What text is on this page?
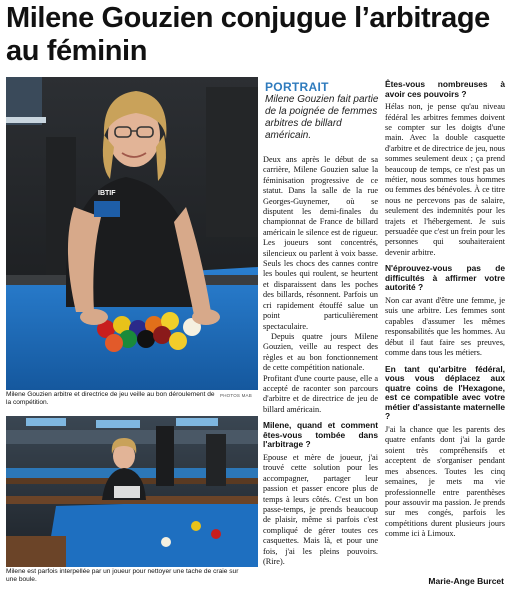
Milene Gouzien conjugue l’arbitrage au féminin
IBTIF
Milene Gouzien arbitre et directrice de jeu veille au bon déroulement de la compétition.
PHOTOS MAB
Milene est parfois interpellée par un joueur pour nettoyer une tache de craie sur une boule.
PORTRAIT
Milene Gouzien fait partie de la poignée de femmes arbitres de billard américain.

Deux ans après le début de sa carrière, Milene Gouzien salue la féminisation progressive de ce statut. Dans la salle de la rue Georges-Guynemer, où se disputent les demi-finales du championnat de France de billard américain le silence est de rigueur. Les joueurs sont concentrés, silencieux ou parlent à voix basse. Seuls les chocs des cannes contre les boules qui roulent, se heurtent et disparaissent dans les poches des billards, résonnent. Parfois un cri rapidement étouffé salue un point particulièrement spectaculaire.

Depuis quatre jours Milene Gouzien, veille au respect des règles et au bon fonctionnement de cette compétition nationale.

Profitant d'une courte pause, elle a accepté de raconter son parcours d'arbitre et de directrice de jeu de billard américain.

Milene, quand et comment êtes-vous tombée dans l'arbitrage ?

Epouse et mère de joueur, j'ai trouvé cette solution pour les accompagner, partager leur passion et passer encore plus de temps à leurs côtés. C'est un bon passe-temps, je prends beaucoup de plaisir, même si parfois c'est compliqué de gérer toutes ces casquettes. Mais là, et pour une fois, j'ai les pleins pouvoirs. (Rire).

Êtes-vous nombreuses à avoir ces pouvoirs ?

Hélas non, je pense qu'au niveau fédéral les arbitres femmes doivent se compter sur les doigts d'une main. Avec la double casquette d'arbitre et de directrice de jeu, nous sommes seulement deux ; ça prend beaucoup de temps, ce n'est pas un métier, nous sommes tous hommes ou femmes des bénévoles. À ce titre nous ne percevons pas de salaire, seulement des indemnités pour les trajets et l'hébergement. Je suis persuadée que c'est un frein pour les personnes qui souhaiteraient devenir arbitre.

N'éprouvez-vous pas de difficultés à affirmer votre autorité ?

Non car avant d'être une femme, je suis une arbitre. Les femmes sont capables d'assumer les mêmes responsabilités que les hommes. Au début il faut faire ses preuves, comme dans tous les métiers.

En tant qu'arbitre fédéral, vous vous déplacez aux quatre coins de l'Hexagone, est ce compatible avec votre métier d'assistante maternelle ?

J'ai la chance que les parents des quatre enfants dont j'ai la garde soient très compréhensifs et acceptent de s'organiser pendant mes absences. Toutes les cinq semaines, je mets ma vie professionnelle entre parenthèses pour assouvir ma passion. Je prends sur mes congés, parfois les compétitions durent plusieurs jours comme ici à Limoux.

Marie-Ange Burcet
